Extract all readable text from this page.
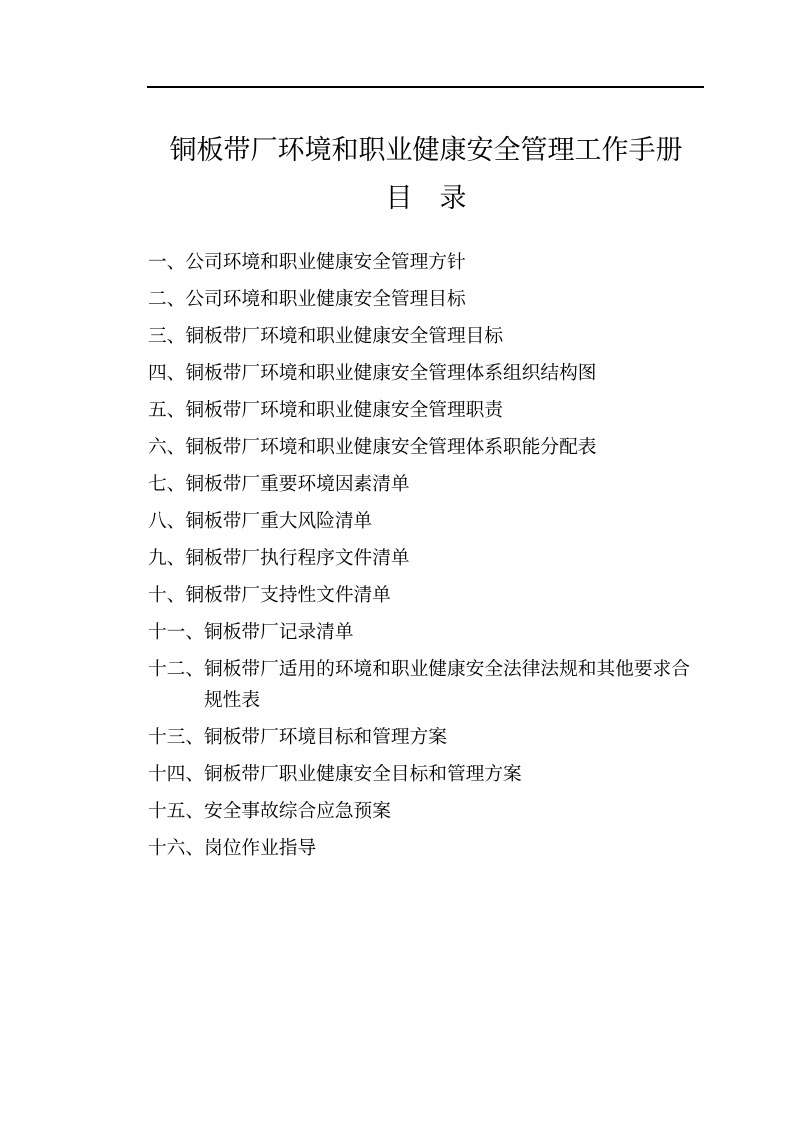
铜板带厂环境和职业健康安全管理工作手册
目　录

一、公司环境和职业健康安全管理方针

二、公司环境和职业健康安全管理目标

三、铜板带厂环境和职业健康安全管理目标

四、铜板带厂环境和职业健康安全管理体系组织结构图

五、铜板带厂环境和职业健康安全管理职责

六、铜板带厂环境和职业健康安全管理体系职能分配表

七、铜板带厂重要环境因素清单

八、铜板带厂重大风险清单

九、铜板带厂执行程序文件清单

十、铜板带厂支持性文件清单

十一、铜板带厂记录清单

十二、铜板带厂适用的环境和职业健康安全法律法规和其他要求合规性表

十三、铜板带厂环境目标和管理方案

十四、铜板带厂职业健康安全目标和管理方案

十五、安全事故综合应急预案

十六、岗位作业指导
